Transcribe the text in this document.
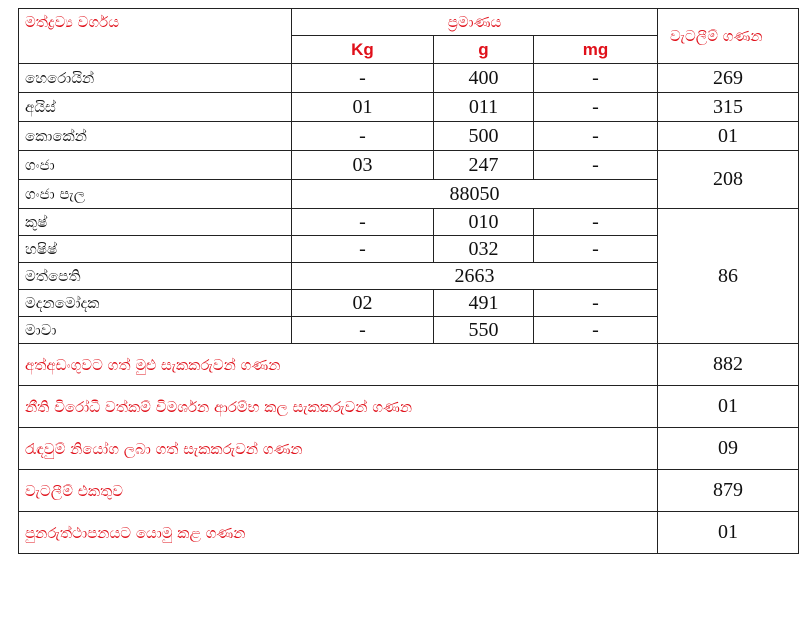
මත්ද්‍රව්‍ය වර්ගය	ප්‍රමාණය			වැටලීම් ගණන
	Kg	g	mg	
හෙරොයින්	-	400	-	269
අයිස්	01	011	-	315
කොකේන්	-	500	-	01
ගංජා	03	247	-	208
ගංජා පැල	88050			
කුෂ්	-	010	-	86
හෂිෂ්	-	032	-	
මත්පෙති	2663			
මදනමෝදක	02	491	-	
මාවා	-	550	-	
අත්අඩංගුවට ගත් මුළු සැකකරුවන් ගණන				882
නීති විරෝධී වත්කම් විමර්ශන ආරම්භ කල සැකකරුවන් ගණන				01
රැඳවුම් නියෝග ලබා ගත් සැකකරුවන් ගණන				09
වැටලීම් එකතුව				879
පුනරුත්ථාපනයට යොමු කළ ගණන				01
